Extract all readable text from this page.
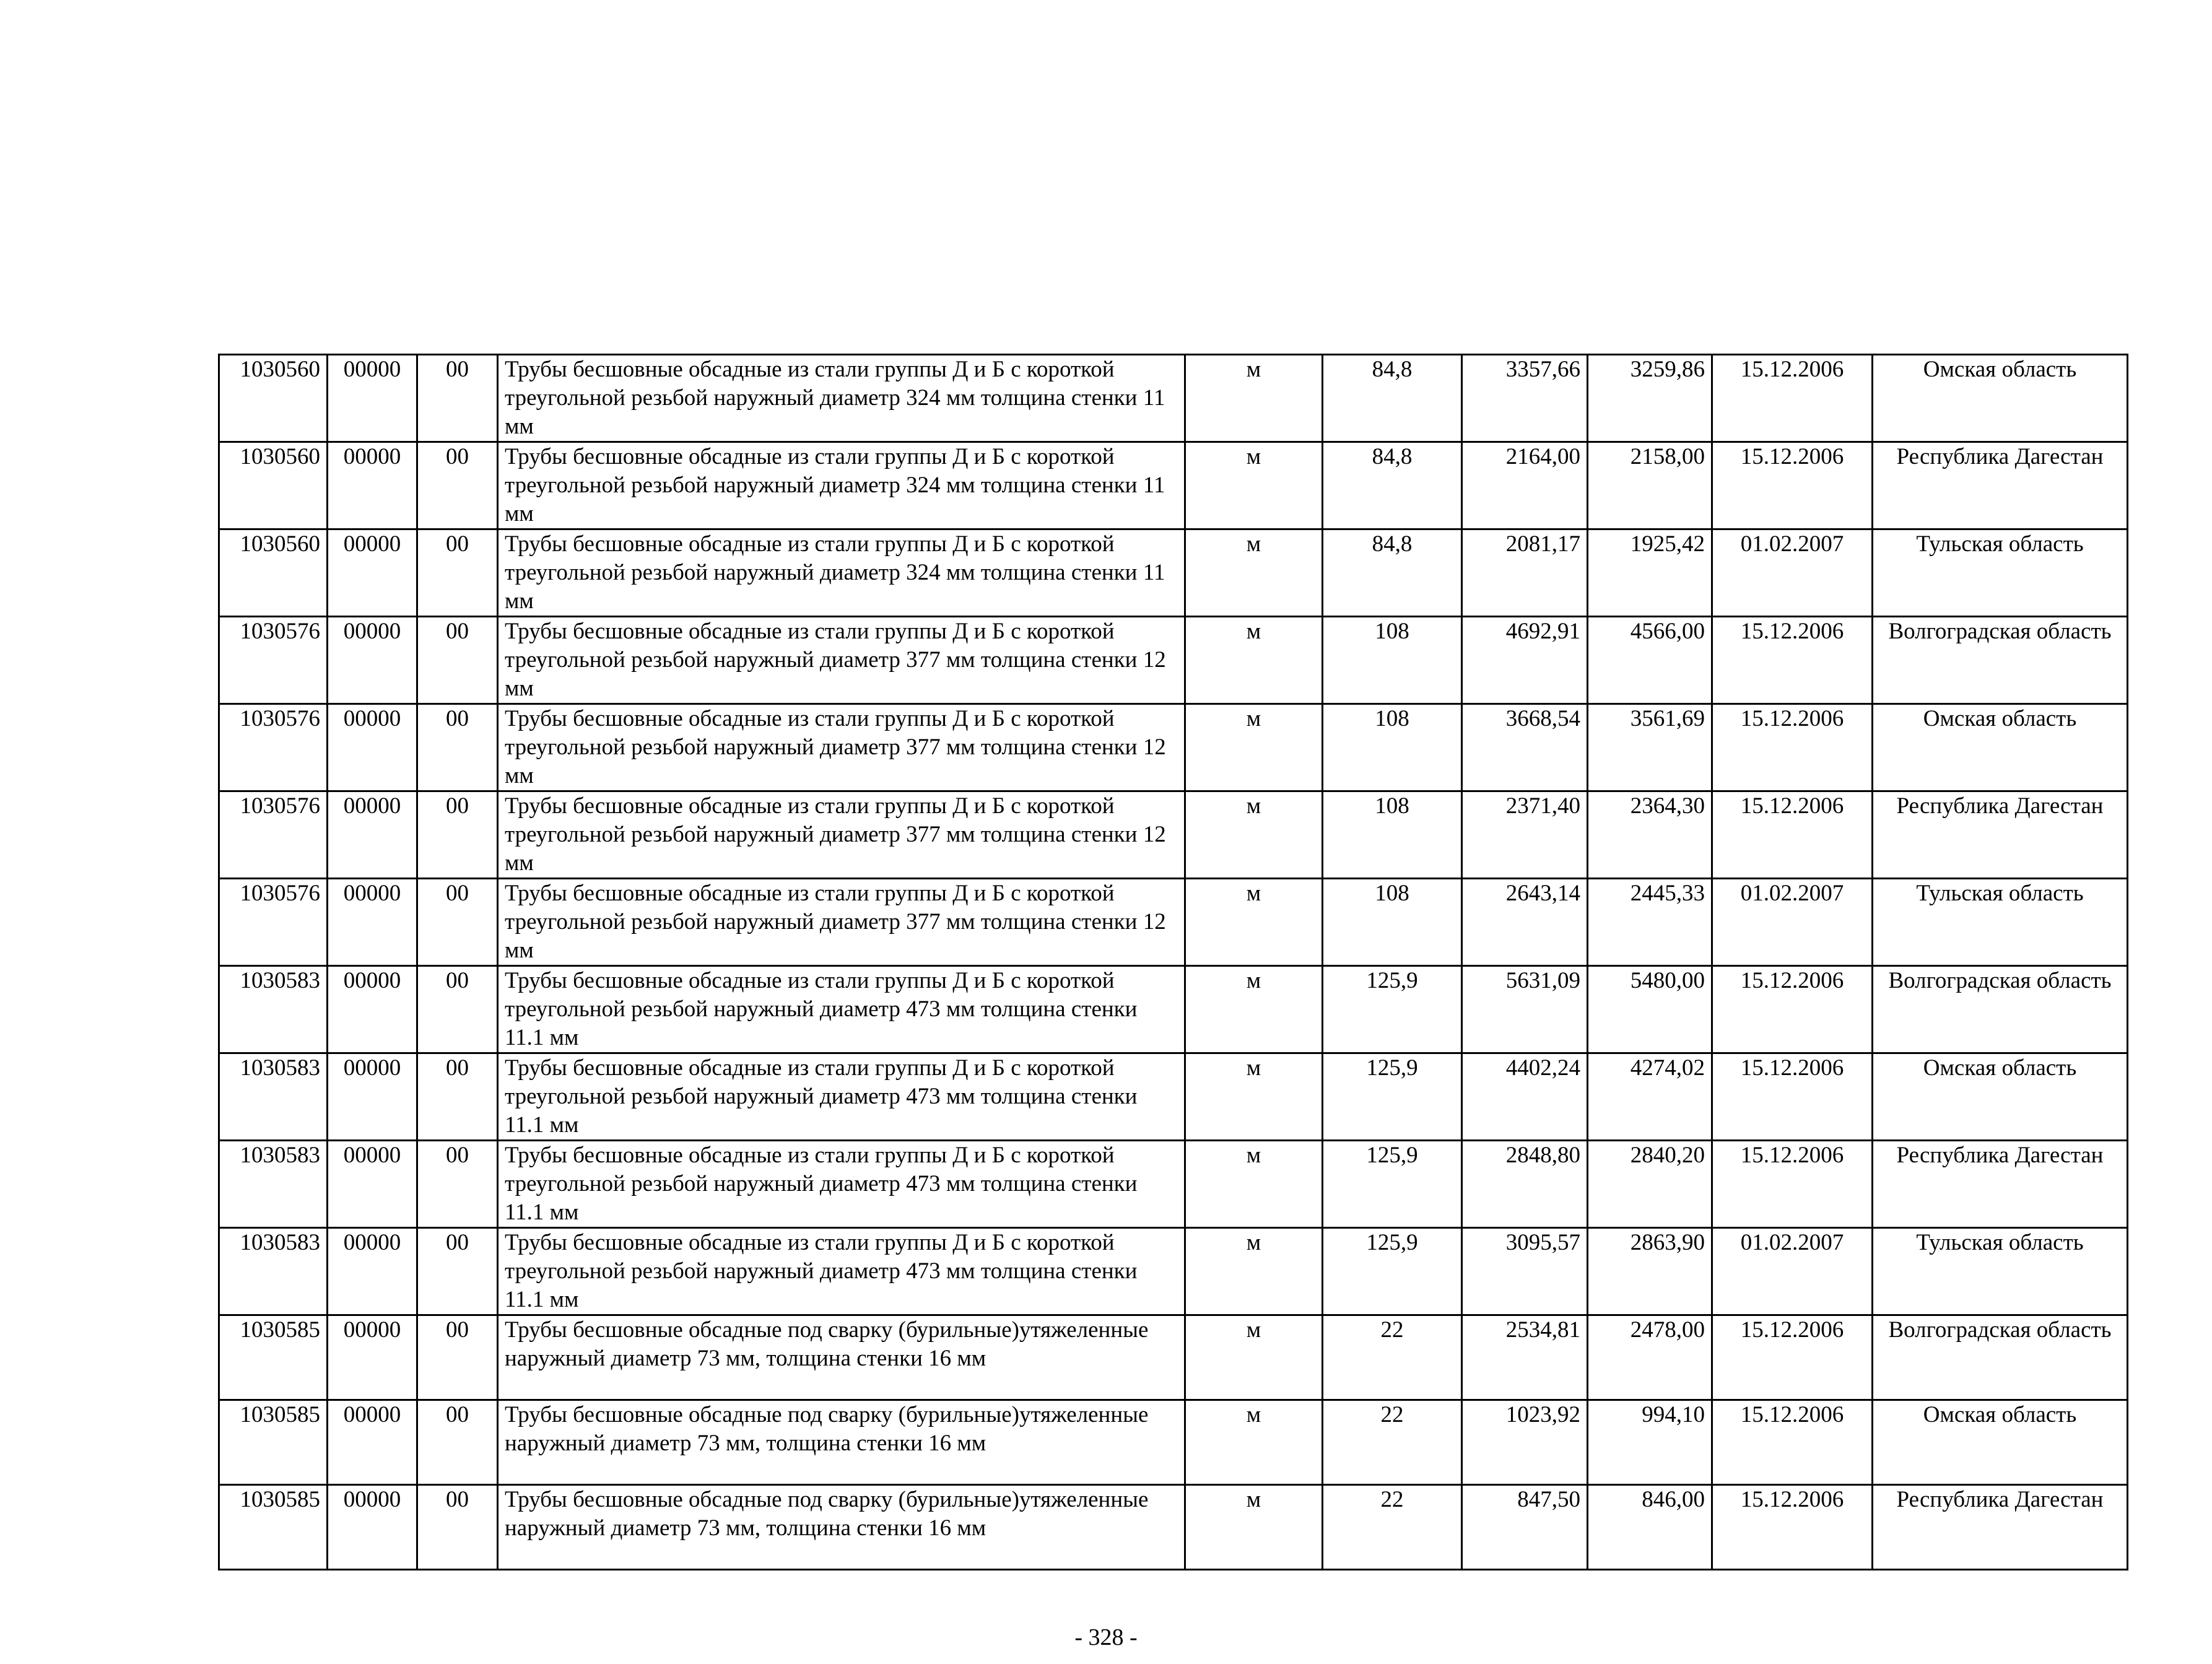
1030560	00000	00	Трубы бесшовные обсадные из стали группы Д и Б с короткой треугольной резьбой наружный диаметр 324 мм толщина стенки 11 мм	м	84,8	3357,66	3259,86	15.12.2006	Омская область
1030560	00000	00	Трубы бесшовные обсадные из стали группы Д и Б с короткой треугольной резьбой наружный диаметр 324 мм толщина стенки 11 мм	м	84,8	2164,00	2158,00	15.12.2006	Республика Дагестан
1030560	00000	00	Трубы бесшовные обсадные из стали группы Д и Б с короткой треугольной резьбой наружный диаметр 324 мм толщина стенки 11 мм	м	84,8	2081,17	1925,42	01.02.2007	Тульская область
1030576	00000	00	Трубы бесшовные обсадные из стали группы Д и Б с короткой треугольной резьбой наружный диаметр 377 мм толщина стенки 12 мм	м	108	4692,91	4566,00	15.12.2006	Волгоградская область
1030576	00000	00	Трубы бесшовные обсадные из стали группы Д и Б с короткой треугольной резьбой наружный диаметр 377 мм толщина стенки 12 мм	м	108	3668,54	3561,69	15.12.2006	Омская область
1030576	00000	00	Трубы бесшовные обсадные из стали группы Д и Б с короткой треугольной резьбой наружный диаметр 377 мм толщина стенки 12 мм	м	108	2371,40	2364,30	15.12.2006	Республика Дагестан
1030576	00000	00	Трубы бесшовные обсадные из стали группы Д и Б с короткой треугольной резьбой наружный диаметр 377 мм толщина стенки 12 мм	м	108	2643,14	2445,33	01.02.2007	Тульская область
1030583	00000	00	Трубы бесшовные обсадные из стали группы Д и Б с короткой треугольной резьбой наружный диаметр 473 мм толщина стенки 11.1 мм	м	125,9	5631,09	5480,00	15.12.2006	Волгоградская область
1030583	00000	00	Трубы бесшовные обсадные из стали группы Д и Б с короткой треугольной резьбой наружный диаметр 473 мм толщина стенки 11.1 мм	м	125,9	4402,24	4274,02	15.12.2006	Омская область
1030583	00000	00	Трубы бесшовные обсадные из стали группы Д и Б с короткой треугольной резьбой наружный диаметр 473 мм толщина стенки 11.1 мм	м	125,9	2848,80	2840,20	15.12.2006	Республика Дагестан
1030583	00000	00	Трубы бесшовные обсадные из стали группы Д и Б с короткой треугольной резьбой наружный диаметр 473 мм толщина стенки 11.1 мм	м	125,9	3095,57	2863,90	01.02.2007	Тульская область
1030585	00000	00	Трубы бесшовные обсадные под сварку (бурильные)утяжеленные наружный диаметр 73 мм, толщина стенки 16 мм	м	22	2534,81	2478,00	15.12.2006	Волгоградская область
1030585	00000	00	Трубы бесшовные обсадные под сварку (бурильные)утяжеленные наружный диаметр 73 мм, толщина стенки 16 мм	м	22	1023,92	994,10	15.12.2006	Омская область
1030585	00000	00	Трубы бесшовные обсадные под сварку (бурильные)утяжеленные наружный диаметр 73 мм, толщина стенки 16 мм	м	22	847,50	846,00	15.12.2006	Республика Дагестан
- 328 -
